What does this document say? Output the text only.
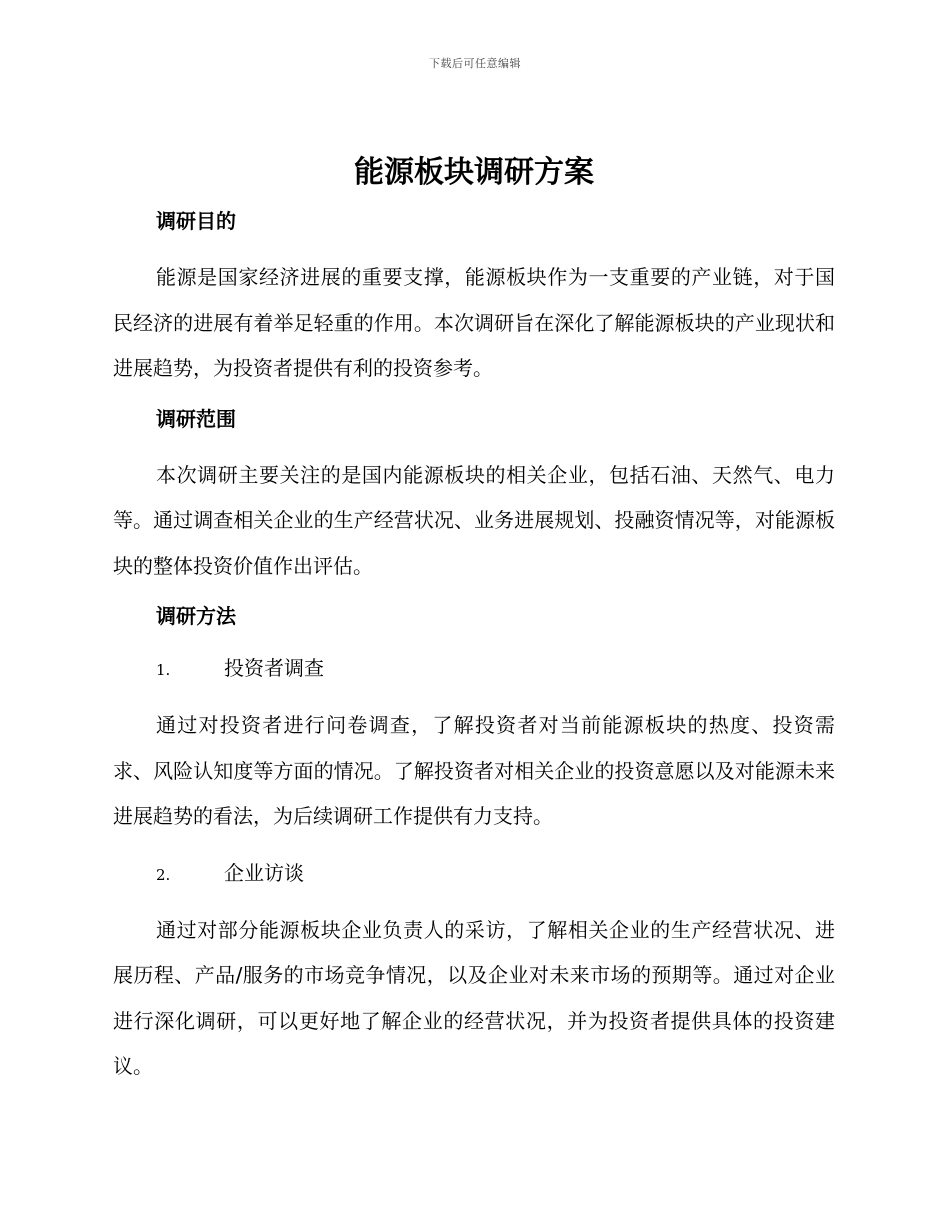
下载后可任意编辑
能源板块调研方案
调研目的

能源是国家经济进展的重要支撑，能源板块作为一支重要的产业链，对于国民经济的进展有着举足轻重的作用。本次调研旨在深化了解能源板块的产业现状和进展趋势，为投资者提供有利的投资参考。

调研范围

本次调研主要关注的是国内能源板块的相关企业，包括石油、天然气、电力等。通过调查相关企业的生产经营状况、业务进展规划、投融资情况等，对能源板块的整体投资价值作出评估。

调研方法
1.	投资者调查

通过对投资者进行问卷调查，了解投资者对当前能源板块的热度、投资需求、风险认知度等方面的情况。了解投资者对相关企业的投资意愿以及对能源未来进展趋势的看法，为后续调研工作提供有力支持。

2.	企业访谈

通过对部分能源板块企业负责人的采访，了解相关企业的生产经营状况、进展历程、产品/服务的市场竞争情况，以及企业对未来市场的预期等。通过对企业进行深化调研，可以更好地了解企业的经营状况，并为投资者提供具体的投资建议。
